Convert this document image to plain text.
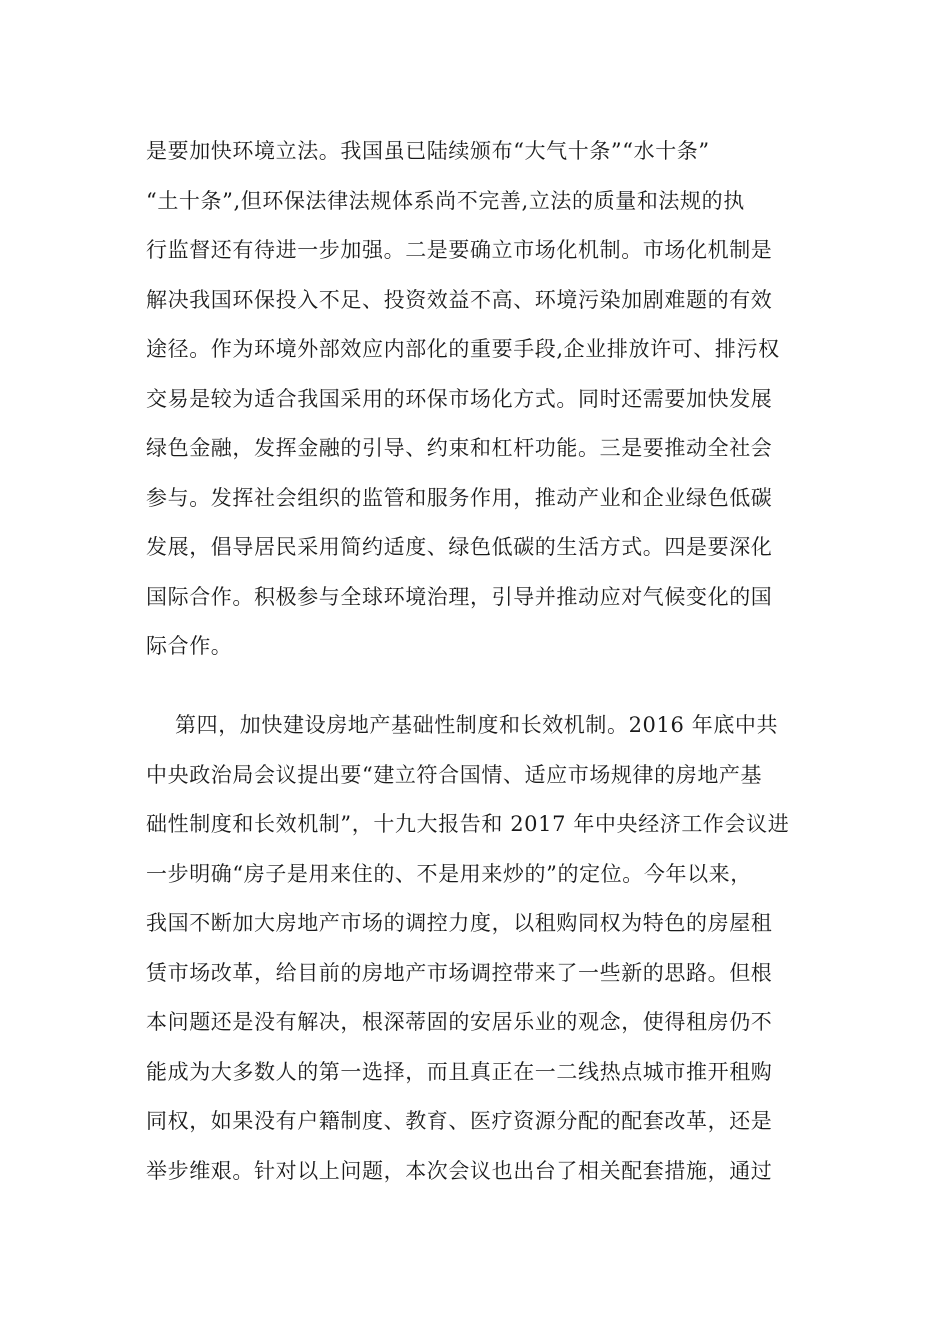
是要加快环境立法。我国虽已陆续颁布“大气十条”“水十条”
“土十条”,但环保法律法规体系尚不完善,立法的质量和法规的执
行监督还有待进一步加强。二是要确立市场化机制。市场化机制是
解决我国环保投入不足、投资效益不高、环境污染加剧难题的有效
途径。作为环境外部效应内部化的重要手段,企业排放许可、排污权
交易是较为适合我国采用的环保市场化方式。同时还需要加快发展
绿色金融，发挥金融的引导、约束和杠杆功能。三是要推动全社会
参与。发挥社会组织的监管和服务作用，推动产业和企业绿色低碳
发展，倡导居民采用简约适度、绿色低碳的生活方式。四是要深化
国际合作。积极参与全球环境治理，引导并推动应对气候变化的国
际合作。
第四，加快建设房地产基础性制度和长效机制。2016 年底中共
中央政治局会议提出要“建立符合国情、适应市场规律的房地产基
础性制度和长效机制”，十九大报告和 2017 年中央经济工作会议进
一步明确“房子是用来住的、不是用来炒的”的定位。今年以来，
我国不断加大房地产市场的调控力度，以租购同权为特色的房屋租
赁市场改革，给目前的房地产市场调控带来了一些新的思路。但根
本问题还是没有解决，根深蒂固的安居乐业的观念，使得租房仍不
能成为大多数人的第一选择，而且真正在一二线热点城市推开租购
同权，如果没有户籍制度、教育、医疗资源分配的配套改革，还是
举步维艰。针对以上问题，本次会议也出台了相关配套措施，通过
